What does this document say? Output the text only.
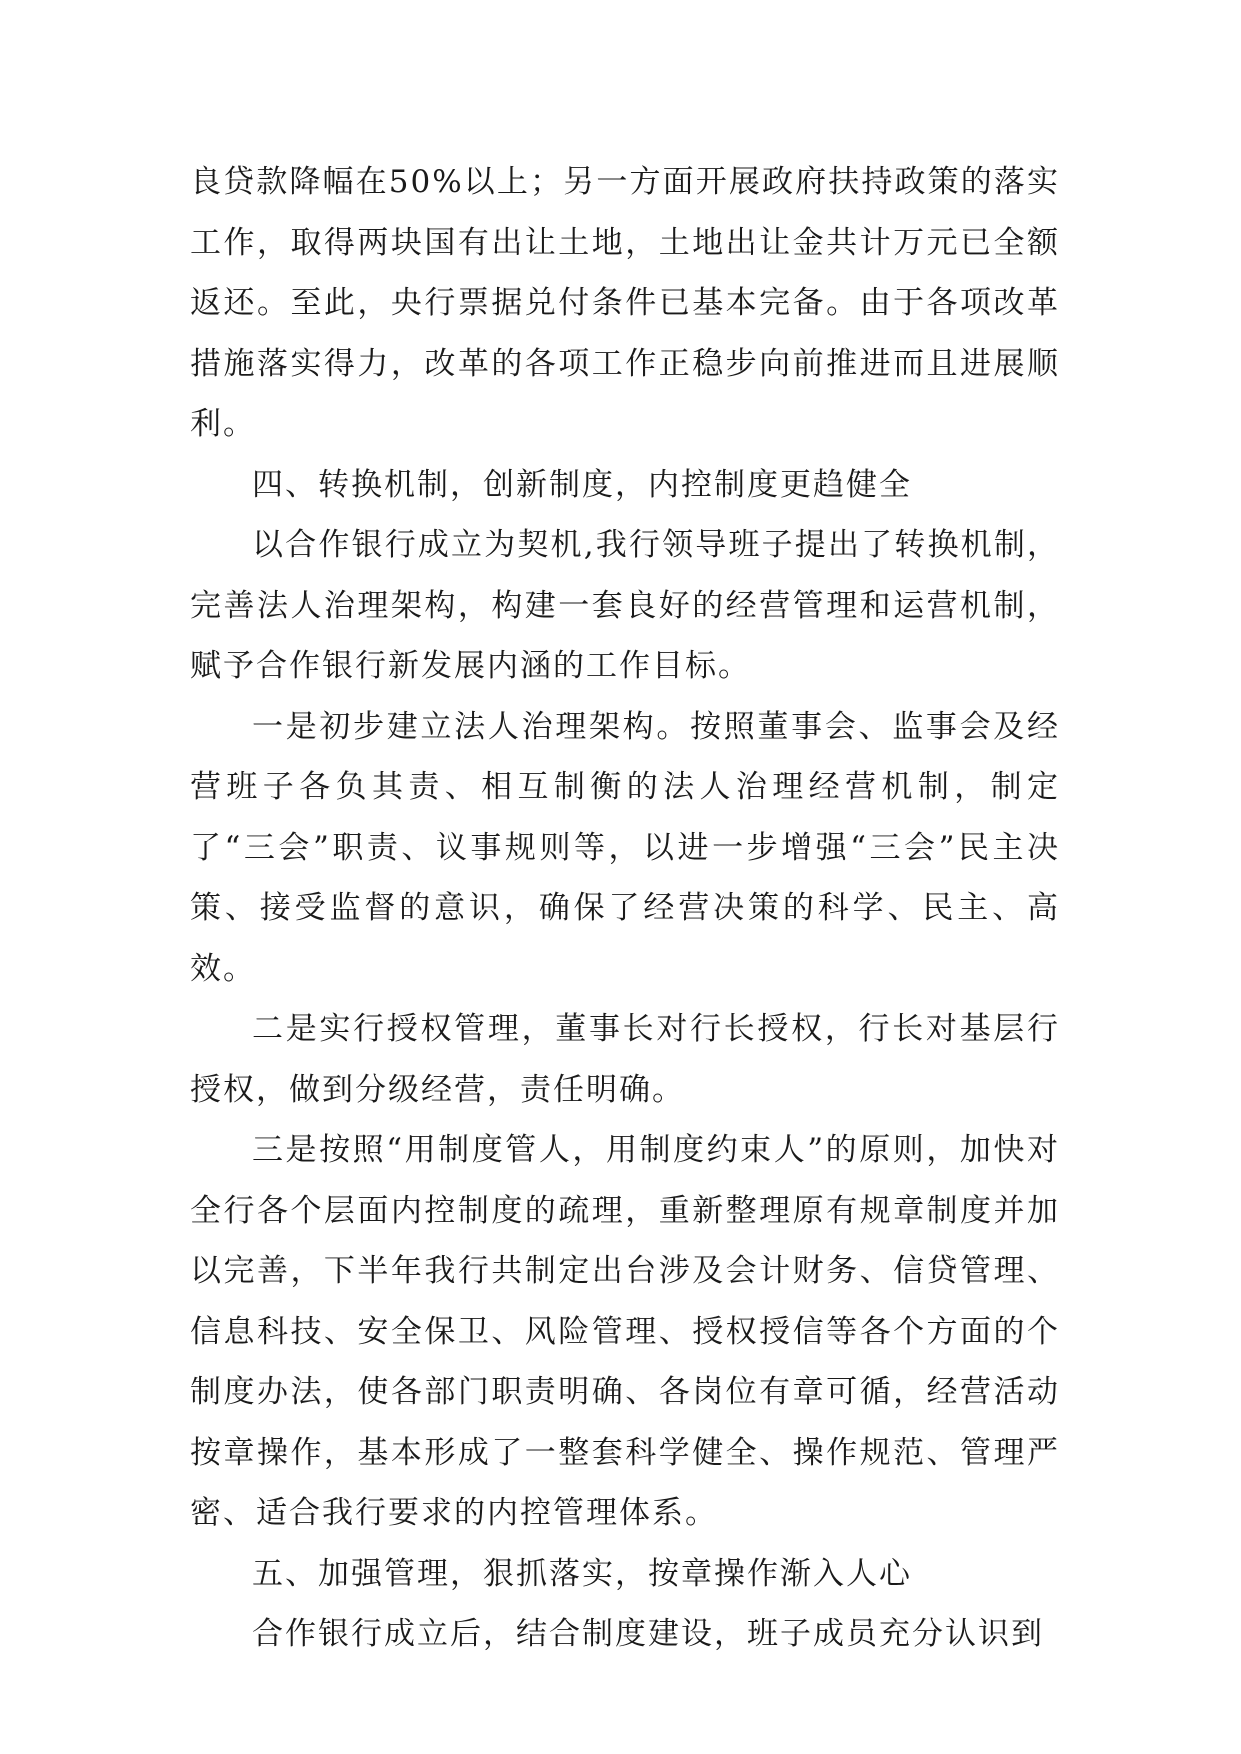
良贷款降幅在50%以上；另一方面开展政府扶持政策的落实工作，取得两块国有出让土地，土地出让金共计万元已全额返还。至此，央行票据兑付条件已基本完备。由于各项改革措施落实得力，改革的各项工作正稳步向前推进而且进展顺利。

四、转换机制，创新制度，内控制度更趋健全

以合作银行成立为契机,我行领导班子提出了转换机制，完善法人治理架构，构建一套良好的经营管理和运营机制，赋予合作银行新发展内涵的工作目标。

一是初步建立法人治理架构。按照董事会、监事会及经营班子各负其责、相互制衡的法人治理经营机制，制定了“三会”职责、议事规则等，以进一步增强“三会”民主决策、接受监督的意识，确保了经营决策的科学、民主、高效。

二是实行授权管理，董事长对行长授权，行长对基层行授权，做到分级经营，责任明确。

三是按照“用制度管人，用制度约束人”的原则，加快对全行各个层面内控制度的疏理，重新整理原有规章制度并加以完善，下半年我行共制定出台涉及会计财务、信贷管理、信息科技、安全保卫、风险管理、授权授信等各个方面的个制度办法，使各部门职责明确、各岗位有章可循，经营活动按章操作，基本形成了一整套科学健全、操作规范、管理严密、适合我行要求的内控管理体系。

五、加强管理，狠抓落实，按章操作渐入人心

合作银行成立后，结合制度建设，班子成员充分认识到
